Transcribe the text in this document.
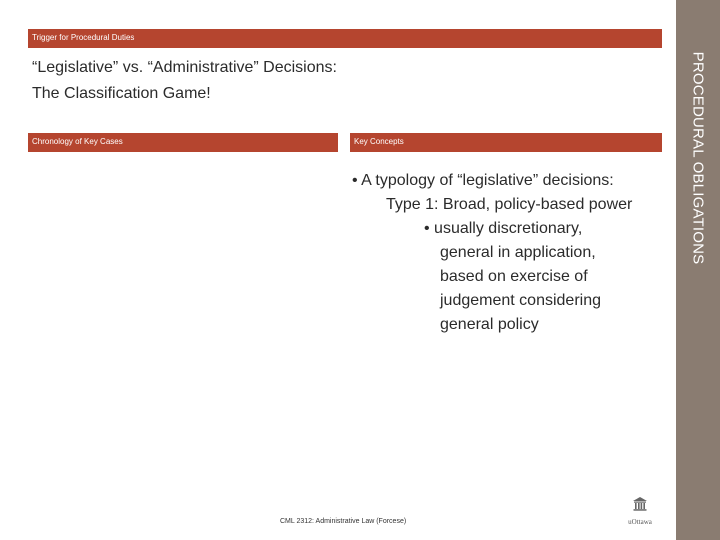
Trigger for Procedural Duties
“Legislative” vs. “Administrative” Decisions:
The Classification Game!
Chronology of Key Cases	Key Concepts
• A typology of “legislative” decisions:
Type 1: Broad, policy-based power
• usually discretionary,
general in application,
based on exercise of
judgement considering
general policy
PROCEDURAL OBLIGATIONS
CML 2312: Administrative Law (Forcese)	uOttawa
